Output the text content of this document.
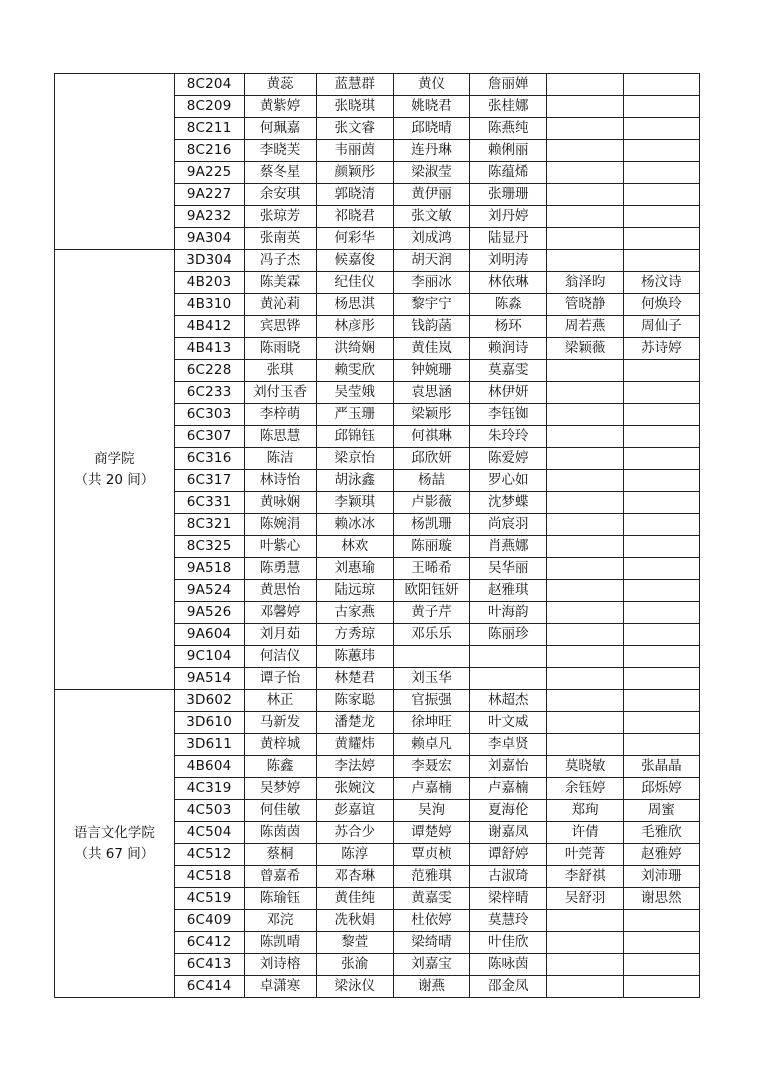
	8C204	黄蕊	蓝慧群	黄仪	詹丽婵		
	8C209	黄紫婷	张晓琪	姚晓君	张桂娜		
	8C211	何珮嘉	张文睿	邱晓晴	陈燕纯		
	8C216	李晓芙	韦丽茵	连丹琳	赖俐丽		
	9A225	蔡冬星	颜颖彤	梁淑莹	陈蕴烯		
	9A227	余安琪	郭晓清	黄伊丽	张珊珊		
	9A232	张琼芳	祁晓君	张文敏	刘丹婷		
	9A304	张南英	何彩华	刘成鸿	陆显丹		

商学院
（共 20 间）	3D304	冯子杰	候嘉俊	胡天润	刘明涛		
	4B203	陈美霖	纪佳仪	李丽冰	林依琳	翁泽昀	杨汶诗
	4B310	黄沁莉	杨思淇	黎宇宁	陈淼	管晓静	何焕玲
	4B412	宾思铧	林彦彤	钱韵菡	杨环	周若燕	周仙子
	4B413	陈雨晓	洪绮娴	黄佳岚	赖润诗	梁颖薇	苏诗婷
	6C228	张琪	赖雯欣	钟婉珊	莫嘉雯		
	6C233	刘付玉香	吴莹娥	袁思涵	林伊妍		
	6C303	李梓萌	严玉珊	梁颖彤	李钰铷		
	6C307	陈思慧	邱锦钰	何祺琳	朱玲玲		
	6C316	陈洁	梁京怡	邱欣妍	陈爱婷		
	6C317	林诗怡	胡泳鑫	杨喆	罗心如		
	6C331	黄咏娴	李颖琪	卢影薇	沈梦蝶		
	8C321	陈婉涓	赖冰冰	杨凯珊	尚宸羽		
	8C325	叶紫心	林欢	陈丽璇	肖燕娜		
	9A518	陈勇慧	刘惠瑜	王晞希	吴华丽		
	9A524	黄思怡	陆远琼	欧阳钰妍	赵雅琪		
	9A526	邓馨婷	古家燕	黄子芹	叶海韵		
	9A604	刘月茹	方秀琼	邓乐乐	陈丽珍		
	9C104	何洁仪	陈蕙玮				
	9A514	谭子怡	林楚君	刘玉华			

语言文化学院
（共 67 间）	3D602	林正	陈家聪	官振强	林超杰		
	3D610	马新发	潘楚龙	徐坤旺	叶文威		
	3D611	黄梓城	黄耀炜	赖卓凡	李卓贤		
	4B604	陈鑫	李法婷	李聂宏	刘嘉怡	莫晓敏	张晶晶
	4C319	吴梦婷	张婉汶	卢嘉楠	卢嘉楠	余钰婷	邱烁婷
	4C503	何佳敏	彭嘉谊	吴洵	夏海伦	郑珣	周蜜
	4C504	陈茵茵	苏合少	谭楚婷	谢嘉凤	许倩	毛雅欣
	4C512	蔡桐	陈淳	覃贞桢	谭舒婷	叶莞菁	赵雅婷
	4C518	曾嘉希	邓杏琳	范雅琪	古淑琦	李舒祺	刘沛珊
	4C519	陈瑜钰	黄佳纯	黄嘉雯	梁梓晴	吴舒羽	谢思然
	6C409	邓浣	冼秋娟	杜依婷	莫慧玲		
	6C412	陈凯晴	黎萱	梁绮晴	叶佳欣		
	6C413	刘诗榕	张渝	刘嘉宝	陈咏茵		
	6C414	卓潇寒	梁泳仪	谢燕	邵金凤		
